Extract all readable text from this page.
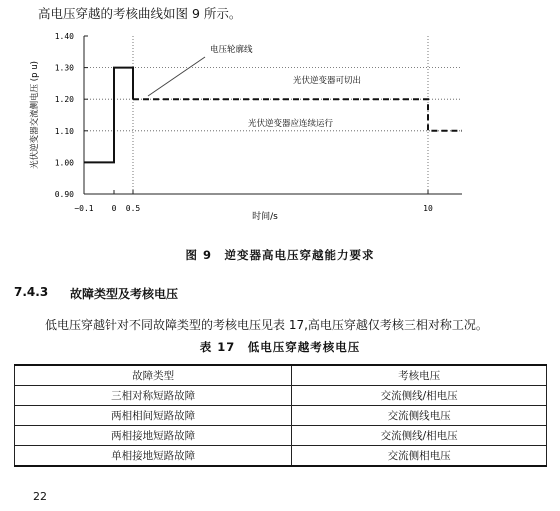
高电压穿越的考核曲线如图 9 所示。
0.90
1.00
1.10
1.20
1.30
1.40
−0.1 0 0.5	10
电压轮廓线
光伏逆变器可切出
光伏逆变器应连续运行
时间/s
光伏逆变器交流侧电压 (p u)
图 9　逆变器高电压穿越能力要求
7.4.3 故障类型及考核电压
低电压穿越针对不同故障类型的考核电压见表 17,高电压穿越仅考核三相对称工况。
表 17　低电压穿越考核电压
故障类型	考核电压
三相对称短路故障	交流侧线/相电压
两相相间短路故障	交流侧线电压
两相接地短路故障	交流侧线/相电压
单相接地短路故障	交流侧相电压
22
